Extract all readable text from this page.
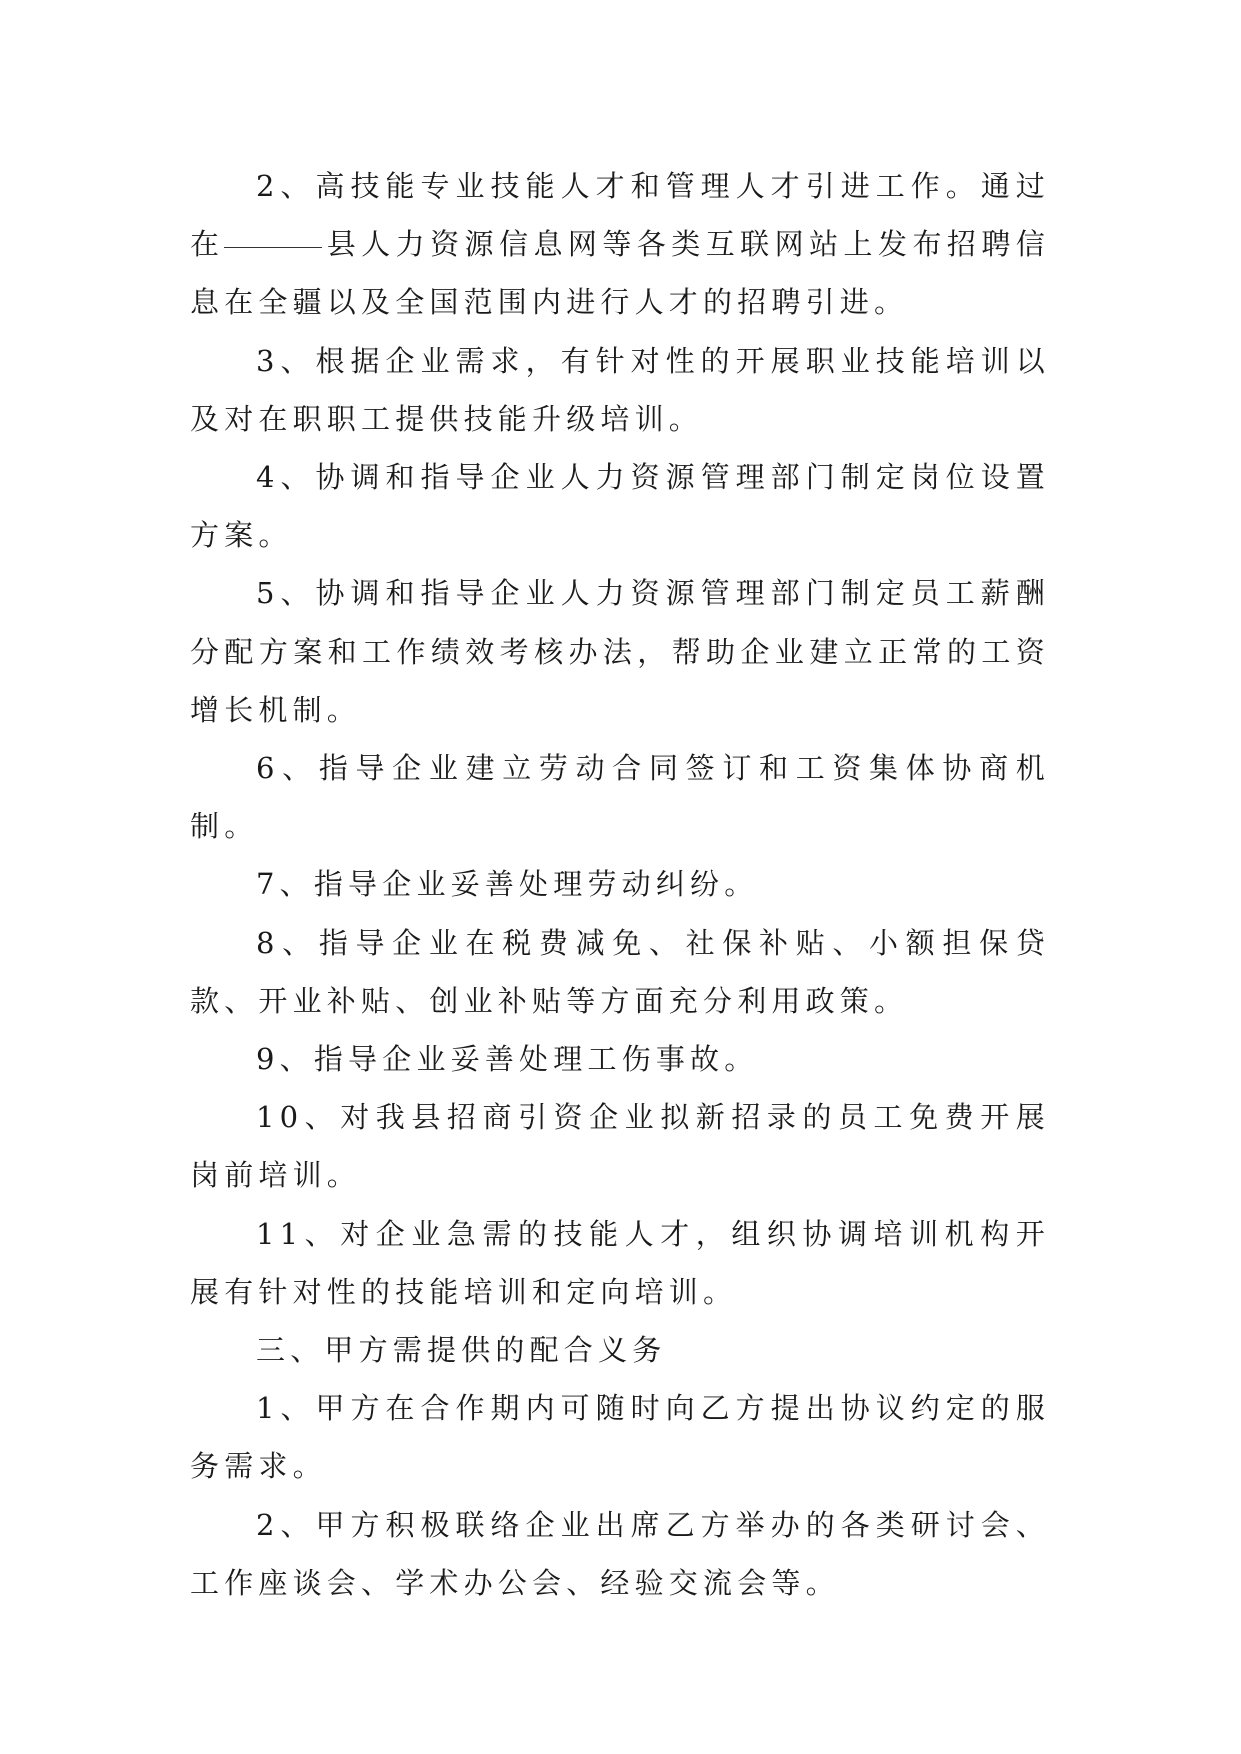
2、高技能专业技能人才和管理人才引进工作。通过在	县人力资源信息网等各类互联网站上发布招聘信息在全疆以及全国范围内进行人才的招聘引进。

3、根据企业需求，有针对性的开展职业技能培训以及对在职职工提供技能升级培训。

4、协调和指导企业人力资源管理部门制定岗位设置方案。

5、协调和指导企业人力资源管理部门制定员工薪酬分配方案和工作绩效考核办法，帮助企业建立正常的工资增长机制。

6、指导企业建立劳动合同签订和工资集体协商机制。

7、指导企业妥善处理劳动纠纷。

8、指导企业在税费减免、社保补贴、小额担保贷款、开业补贴、创业补贴等方面充分利用政策。

9、指导企业妥善处理工伤事故。

10、对我县招商引资企业拟新招录的员工免费开展岗前培训。

11、对企业急需的技能人才，组织协调培训机构开展有针对性的技能培训和定向培训。

三、甲方需提供的配合义务

1、甲方在合作期内可随时向乙方提出协议约定的服务需求。

2、甲方积极联络企业出席乙方举办的各类研讨会、工作座谈会、学术办公会、经验交流会等。
